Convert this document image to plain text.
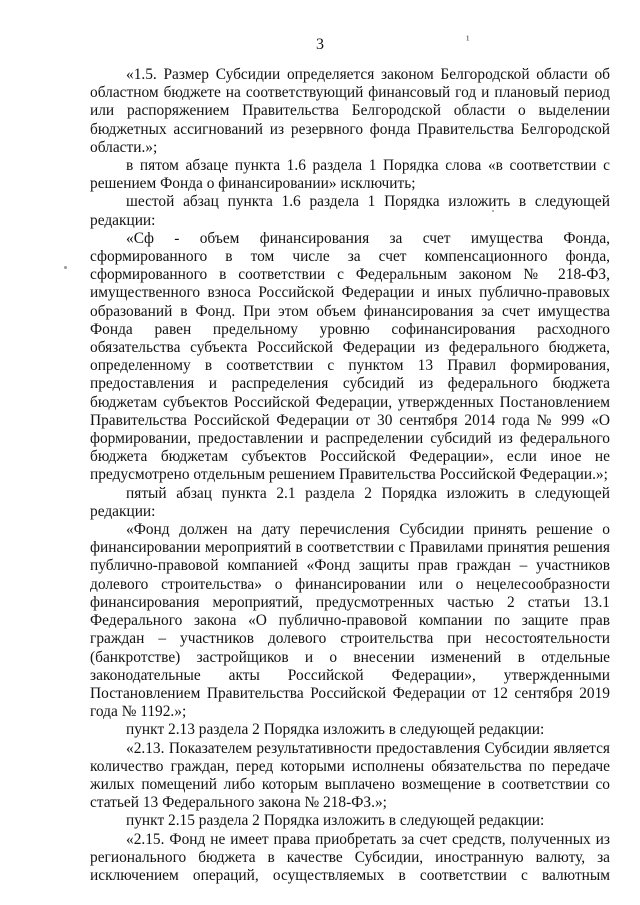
3	¹

«1.5. Размер Субсидии определяется законом Белгородской области об областном бюджете на соответствующий финансовый год и плановый период или распоряжением Правительства Белгородской области о выделении бюджетных ассигнований из резервного фонда Правительства Белгородской области.»;

в пятом абзаце пункта 1.6 раздела 1 Порядка слова «в соответствии с решением Фонда о финансировании» исключить;

шестой абзац пункта 1.6 раздела 1 Порядка изложить в следующей редакции:

«Сф - объем финансирования за счет имущества Фонда, сформированного в том числе за счет компенсационного фонда, сформированного в соответствии с Федеральным законом № 218-ФЗ, имущественного взноса Российской Федерации и иных публично-правовых образований в Фонд. При этом объем финансирования за счет имущества Фонда равен предельному уровню софинансирования расходного обязательства субъекта Российской Федерации из федерального бюджета, определенному в соответствии с пунктом 13 Правил формирования, предоставления и распределения субсидий из федерального бюджета бюджетам субъектов Российской Федерации, утвержденных Постановлением Правительства Российской Федерации от 30 сентября 2014 года № 999 «О формировании, предоставлении и распределении субсидий из федерального бюджета бюджетам субъектов Российской Федерации», если иное не предусмотрено отдельным решением Правительства Российской Федерации.»;

пятый абзац пункта 2.1 раздела 2 Порядка изложить в следующей редакции:

«Фонд должен на дату перечисления Субсидии принять решение о финансировании мероприятий в соответствии с Правилами принятия решения публично-правовой компанией «Фонд защиты прав граждан – участников долевого строительства» о финансировании или о нецелесообразности финансирования мероприятий, предусмотренных частью 2 статьи 13.1 Федерального закона «О публично-правовой компании по защите прав граждан – участников долевого строительства при несостоятельности (банкротстве) застройщиков и о внесении изменений в отдельные законодательные акты Российской Федерации», утвержденными Постановлением Правительства Российской Федерации от 12 сентября 2019 года № 1192.»;

пункт 2.13 раздела 2 Порядка изложить в следующей редакции:

«2.13. Показателем результативности предоставления Субсидии является количество граждан, перед которыми исполнены обязательства по передаче жилых помещений либо которым выплачено возмещение в соответствии со статьей 13 Федерального закона № 218-ФЗ.»;

пункт 2.15 раздела 2 Порядка изложить в следующей редакции:

«2.15. Фонд не имеет права приобретать за счет средств, полученных из регионального бюджета в качестве Субсидии, иностранную валюту, за исключением операций, осуществляемых в соответствии с валютным
